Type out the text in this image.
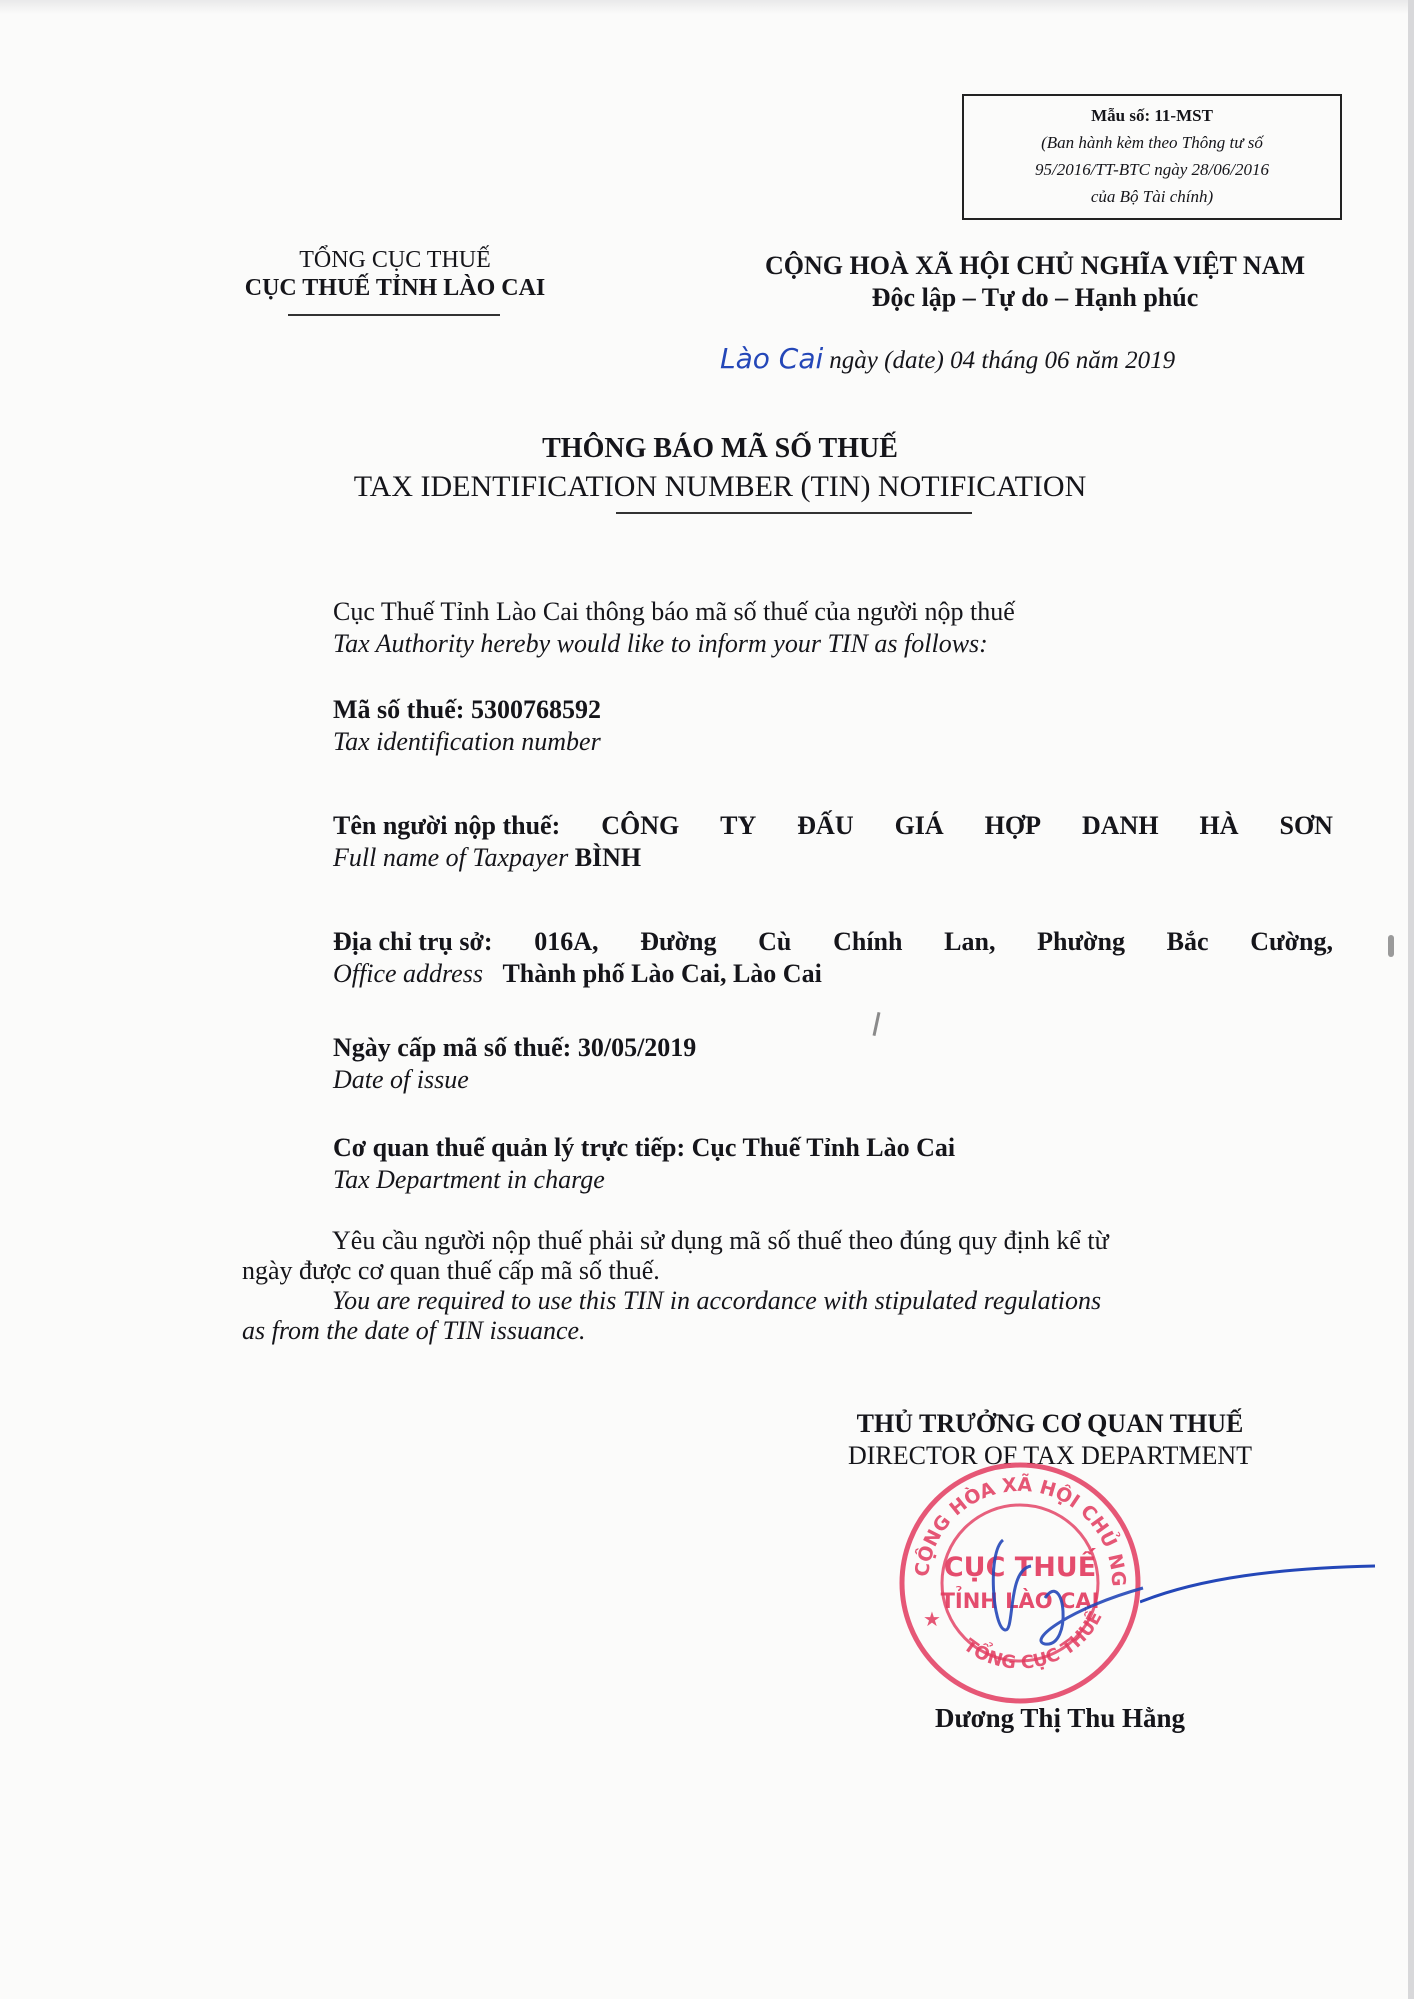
Mẫu số: 11-MST
(Ban hành kèm theo Thông tư số
95/2016/TT-BTC ngày 28/06/2016
của Bộ Tài chính)
TỔNG CỤC THUẾ
CỤC THUẾ TỈNH LÀO CAI
CỘNG HOÀ XÃ HỘI CHỦ NGHĨA VIỆT NAM
Độc lập – Tự do – Hạnh phúc
Lào Cai ngày (date) 04 tháng 06 năm 2019
THÔNG BÁO MÃ SỐ THUẾ
TAX IDENTIFICATION NUMBER (TIN) NOTIFICATION
Cục Thuế Tỉnh Lào Cai thông báo mã số thuế của người nộp thuế
Tax Authority hereby would like to inform your TIN as follows:
Mã số thuế: 5300768592
Tax identification number
Tên người nộp thuế: CÔNG TY ĐẤU GIÁ HỢP DANH HÀ SƠN
Full name of Taxpayer BÌNH
Địa chỉ trụ sở: 016A, Đường Cù Chính Lan, Phường Bắc Cường,
Office address Thành phố Lào Cai, Lào Cai
Ngày cấp mã số thuế: 30/05/2019
Date of issue
Cơ quan thuế quản lý trực tiếp: Cục Thuế Tỉnh Lào Cai
Tax Department in charge
Yêu cầu người nộp thuế phải sử dụng mã số thuế theo đúng quy định kể từ
ngày được cơ quan thuế cấp mã số thuế.
You are required to use this TIN in accordance with stipulated regulations
as from the date of TIN issuance.
THỦ TRƯỞNG CƠ QUAN THUẾ
DIRECTOR OF TAX DEPARTMENT
CỘNG HÒA XÃ HỘI CHỦ NG
TỔNG CỤC THUẾ
★
CỤC THUẾ
TỈNH LÀO CAI
Dương Thị Thu Hằng
